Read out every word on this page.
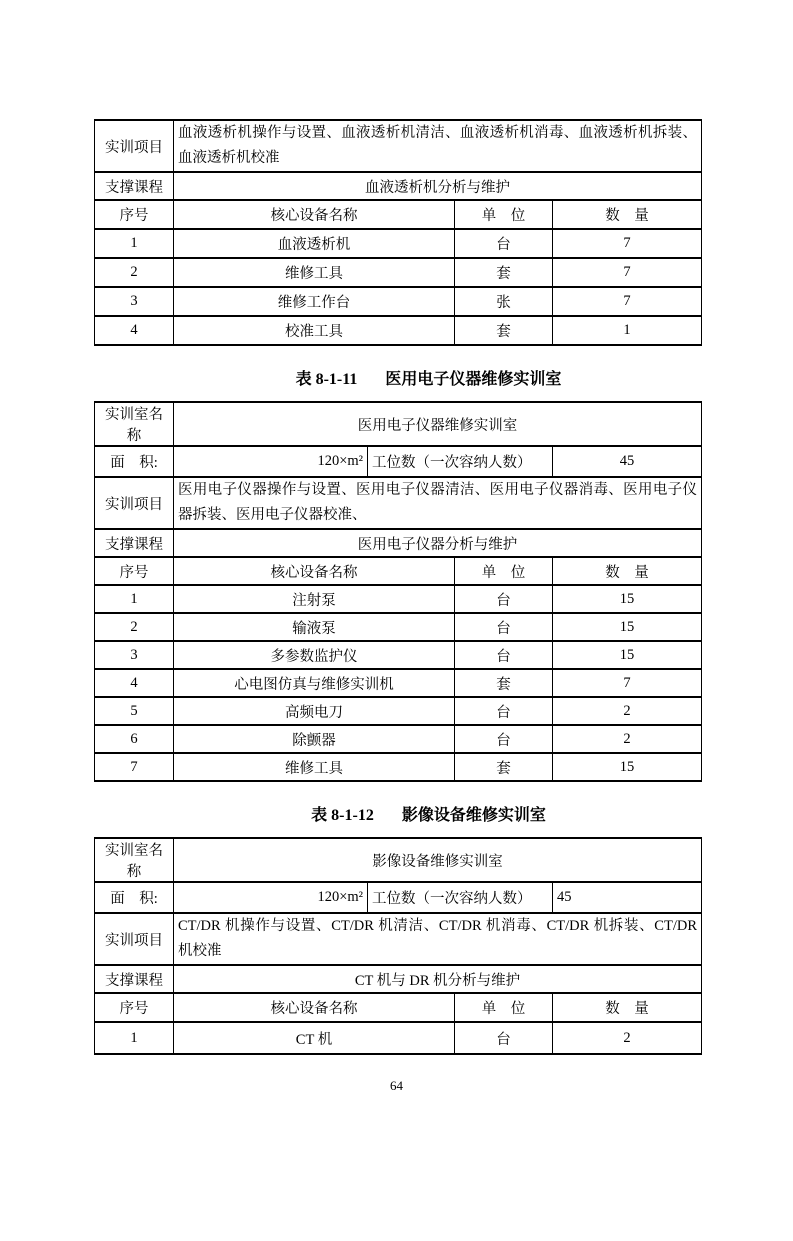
实训项目	血液透析机操作与设置、血液透析机清洁、血液透析机消毒、血液透析机拆装、血液透析机校准		
支撑课程	血液透析机分析与维护		
序号	核心设备名称	单　位	数　量
1	血液透析机	台	7
2	维修工具	套	7
3	维修工作台	张	7
4	校准工具	套	1
表 8-1-11 医用电子仪器维修实训室
实训室名称	医用电子仪器维修实训室			
面　积:	120×m²	工位数（一次容纳人数）		45
实训项目	医用电子仪器操作与设置、医用电子仪器清洁、医用电子仪器消毒、医用电子仪器拆装、医用电子仪器校准、			
支撑课程	医用电子仪器分析与维护			
序号	核心设备名称		单　位	数　量
1	注射泵		台	15
2	输液泵		台	15
3	多参数监护仪		台	15
4	心电图仿真与维修实训机		套	7
5	高频电刀		台	2
6	除颤器		台	2
7	维修工具		套	15
表 8-1-12 影像设备维修实训室
实训室名称	影像设备维修实训室			
面　积:	120×m²	工位数（一次容纳人数）		45
实训项目	CT/DR 机操作与设置、CT/DR 机清洁、CT/DR 机消毒、CT/DR 机拆装、CT/DR 机校准			
支撑课程	CT 机与 DR 机分析与维护			
序号	核心设备名称		单　位	数　量
1	CT 机		台	2
64
